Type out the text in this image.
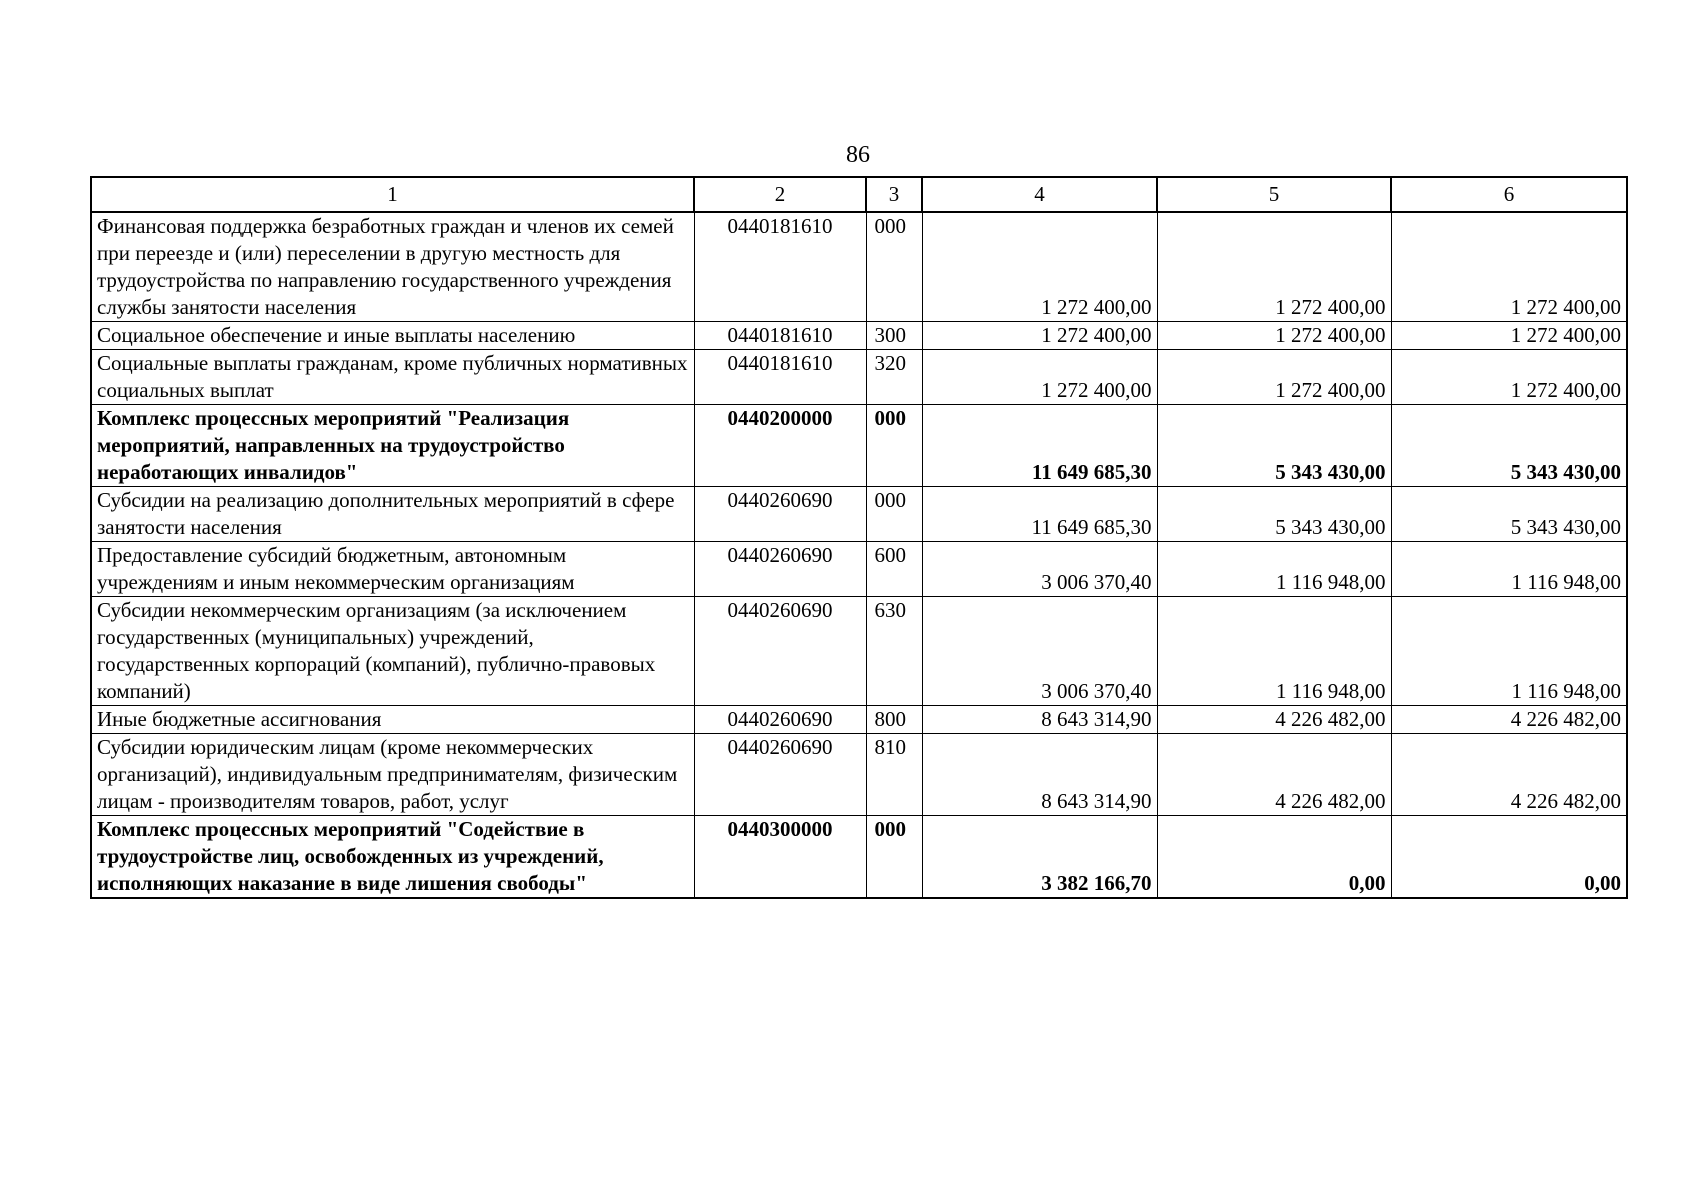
86
1	2	3	4	5	6
Финансовая поддержка безработных граждан и членов их семей при переезде и (или) переселении в другую местность для трудоустройства по направлению государственного учреждения службы занятости населения	0440181610	000	1 272 400,00	1 272 400,00	1 272 400,00
Социальное обеспечение и иные выплаты населению	0440181610	300	1 272 400,00	1 272 400,00	1 272 400,00
Социальные выплаты гражданам, кроме публичных нормативных социальных выплат	0440181610	320	1 272 400,00	1 272 400,00	1 272 400,00
Комплекс процессных мероприятий "Реализация мероприятий, направленных на трудоустройство неработающих инвалидов"	0440200000	000	11 649 685,30	5 343 430,00	5 343 430,00
Субсидии на реализацию дополнительных мероприятий в сфере занятости населения	0440260690	000	11 649 685,30	5 343 430,00	5 343 430,00
Предоставление субсидий бюджетным, автономным учреждениям и иным некоммерческим организациям	0440260690	600	3 006 370,40	1 116 948,00	1 116 948,00
Субсидии некоммерческим организациям (за исключением государственных (муниципальных) учреждений, государственных корпораций (компаний), публично-правовых компаний)	0440260690	630	3 006 370,40	1 116 948,00	1 116 948,00
Иные бюджетные ассигнования	0440260690	800	8 643 314,90	4 226 482,00	4 226 482,00
Субсидии юридическим лицам (кроме некоммерческих организаций), индивидуальным предпринимателям, физическим лицам - производителям товаров, работ, услуг	0440260690	810	8 643 314,90	4 226 482,00	4 226 482,00
Комплекс процессных мероприятий "Содействие в трудоустройстве лиц, освобожденных из учреждений, исполняющих наказание в виде лишения свободы"	0440300000	000	3 382 166,70	0,00	0,00
